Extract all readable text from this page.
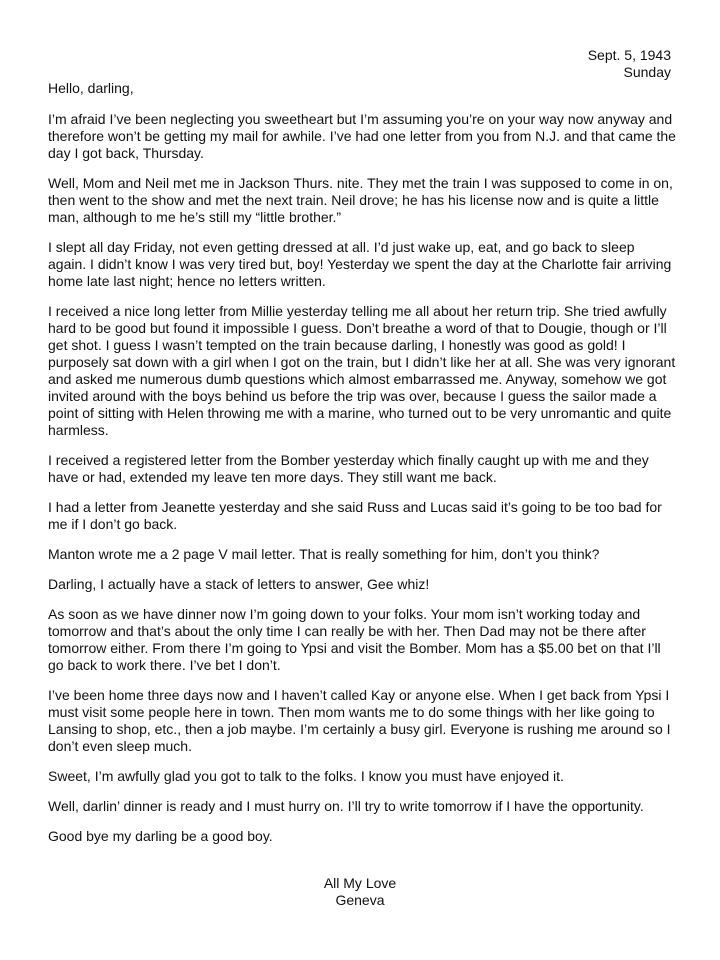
Sept. 5, 1943
Sunday

Hello, darling,

I’m afraid I’ve been neglecting you sweetheart but I’m assuming you’re on your way now anyway and therefore won’t be getting my mail for awhile. I’ve had one letter from you from N.J. and that came the day I got back, Thursday.

Well, Mom and Neil met me in Jackson Thurs. nite. They met the train I was supposed to come in on, then went to the show and met the next train. Neil drove; he has his license now and is quite a little man, although to me he’s still my “little brother.”

I slept all day Friday, not even getting dressed at all. I’d just wake up, eat, and go back to sleep again. I didn’t know I was very tired but, boy! Yesterday we spent the day at the Charlotte fair arriving home late last night; hence no letters written.

I received a nice long letter from Millie yesterday telling me all about her return trip. She tried awfully hard to be good but found it impossible I guess. Don’t breathe a word of that to Dougie, though or I’ll get shot. I guess I wasn’t tempted on the train because darling, I honestly was good as gold! I purposely sat down with a girl when I got on the train, but I didn’t like her at all. She was very ignorant and asked me numerous dumb questions which almost embarrassed me. Anyway, somehow we got invited around with the boys behind us before the trip was over, because I guess the sailor made a point of sitting with Helen throwing me with a marine, who turned out to be very unromantic and quite harmless.

I received a registered letter from the Bomber yesterday which finally caught up with me and they have or had, extended my leave ten more days. They still want me back.

I had a letter from Jeanette yesterday and she said Russ and Lucas said it’s going to be too bad for me if I don’t go back.

Manton wrote me a 2 page V mail letter. That is really something for him, don’t you think?

Darling, I actually have a stack of letters to answer, Gee whiz!

As soon as we have dinner now I’m going down to your folks. Your mom isn’t working today and tomorrow and that’s about the only time I can really be with her. Then Dad may not be there after tomorrow either. From there I’m going to Ypsi and visit the Bomber. Mom has a $5.00 bet on that I’ll go back to work there. I’ve bet I don’t.

I’ve been home three days now and I haven’t called Kay or anyone else. When I get back from Ypsi I must visit some people here in town. Then mom wants me to do some things with her like going to Lansing to shop, etc., then a job maybe. I’m certainly a busy girl. Everyone is rushing me around so I don’t even sleep much.

Sweet, I’m awfully glad you got to talk to the folks. I know you must have enjoyed it.

Well, darlin’ dinner is ready and I must hurry on. I’ll try to write tomorrow if I have the opportunity.

Good bye my darling be a good boy.

All My Love
Geneva
